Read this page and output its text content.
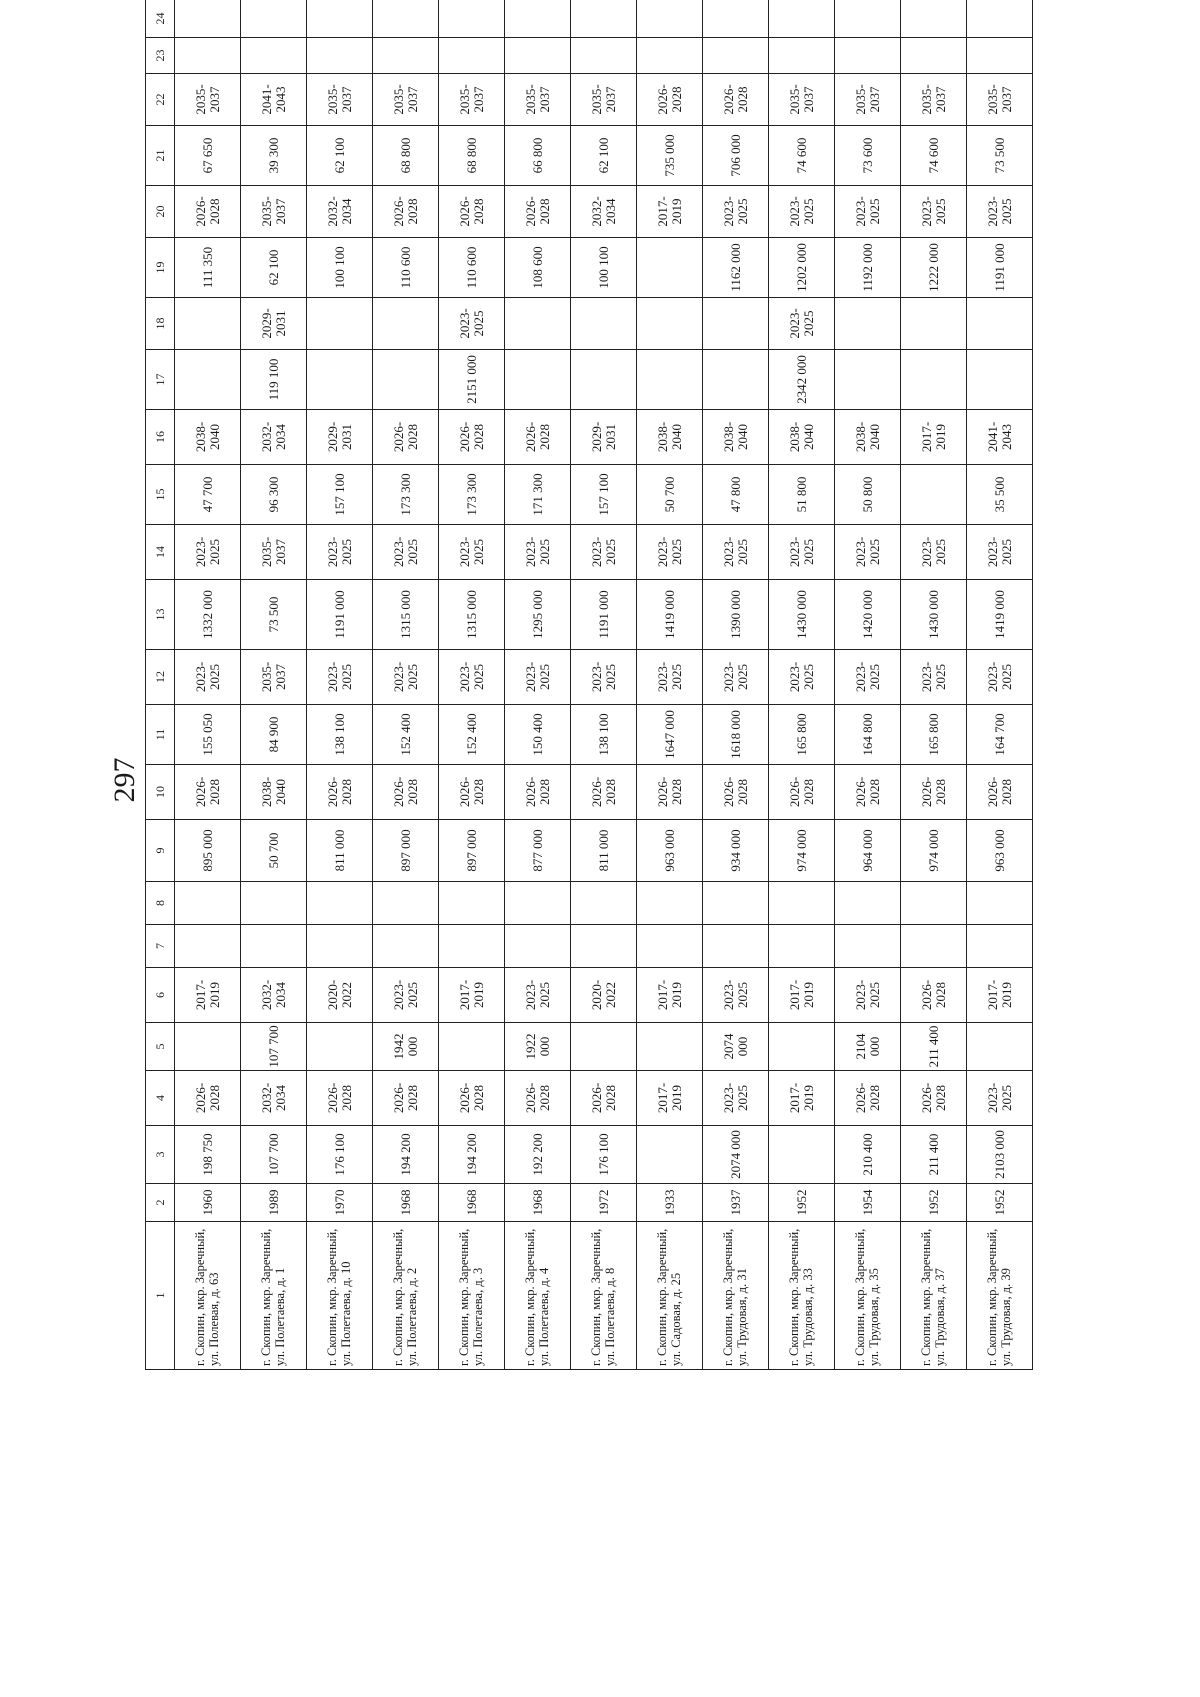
297
1	2	3	4	5	6	7	8	9	10	11	12	13	14	15	16	17	18	19	20	21	22	23	24
г. Скопин, мкр. Заречный, ул. Полевая, д. 63	1960	198 750	2026-2028		2017-2019			895 000	2026-2028	155 050	2023-2025	1332 000	2023-2025	47 700	2038-2040			111 350	2026-2028	67 650	2035-2037		
г. Скопин, мкр. Заречный, ул. Полетаева, д. 1	1989	107 700	2032-2034	107 700	2032-2034			50 700	2038-2040	84 900	2035-2037	73 500	2035-2037	96 300	2032-2034	119 100	2029-2031	62 100	2035-2037	39 300	2041-2043		
г. Скопин, мкр. Заречный, ул. Полетаева, д. 10	1970	176 100	2026-2028		2020-2022			811 000	2026-2028	138 100	2023-2025	1191 000	2023-2025	157 100	2029-2031			100 100	2032-2034	62 100	2035-2037		
г. Скопин, мкр. Заречный, ул. Полетаева, д. 2	1968	194 200	2026-2028	1942 000	2023-2025			897 000	2026-2028	152 400	2023-2025	1315 000	2023-2025	173 300	2026-2028			110 600	2026-2028	68 800	2035-2037		
г. Скопин, мкр. Заречный, ул. Полетаева, д. 3	1968	194 200	2026-2028		2017-2019			897 000	2026-2028	152 400	2023-2025	1315 000	2023-2025	173 300	2026-2028	2151 000	2023-2025	110 600	2026-2028	68 800	2035-2037		
г. Скопин, мкр. Заречный, ул. Полетаева, д. 4	1968	192 200	2026-2028	1922 000	2023-2025			877 000	2026-2028	150 400	2023-2025	1295 000	2023-2025	171 300	2026-2028			108 600	2026-2028	66 800	2035-2037		
г. Скопин, мкр. Заречный, ул. Полетаева, д. 8	1972	176 100	2026-2028		2020-2022			811 000	2026-2028	138 100	2023-2025	1191 000	2023-2025	157 100	2029-2031			100 100	2032-2034	62 100	2035-2037		
г. Скопин, мкр. Заречный, ул. Садовая, д. 25	1933		2017-2019		2017-2019			963 000	2026-2028	1647 000	2023-2025	1419 000	2023-2025	50 700	2038-2040				2017-2019	735 000	2026-2028		
г. Скопин, мкр. Заречный, ул. Трудовая, д. 31	1937	2074 000	2023-2025	2074 000	2023-2025			934 000	2026-2028	1618 000	2023-2025	1390 000	2023-2025	47 800	2038-2040			1162 000	2023-2025	706 000	2026-2028		
г. Скопин, мкр. Заречный, ул. Трудовая, д. 33	1952		2017-2019		2017-2019			974 000	2026-2028	165 800	2023-2025	1430 000	2023-2025	51 800	2038-2040	2342 000	2023-2025	1202 000	2023-2025	74 600	2035-2037		
г. Скопин, мкр. Заречный, ул. Трудовая, д. 35	1954	210 400	2026-2028	2104 000	2023-2025			964 000	2026-2028	164 800	2023-2025	1420 000	2023-2025	50 800	2038-2040			1192 000	2023-2025	73 600	2035-2037		
г. Скопин, мкр. Заречный, ул. Трудовая, д. 37	1952	211 400	2026-2028	211 400	2026-2028			974 000	2026-2028	165 800	2023-2025	1430 000	2023-2025		2017-2019			1222 000	2023-2025	74 600	2035-2037		
г. Скопин, мкр. Заречный, ул. Трудовая, д. 39	1952	2103 000	2023-2025		2017-2019			963 000	2026-2028	164 700	2023-2025	1419 000	2023-2025	35 500	2041-2043			1191 000	2023-2025	73 500	2035-2037		
